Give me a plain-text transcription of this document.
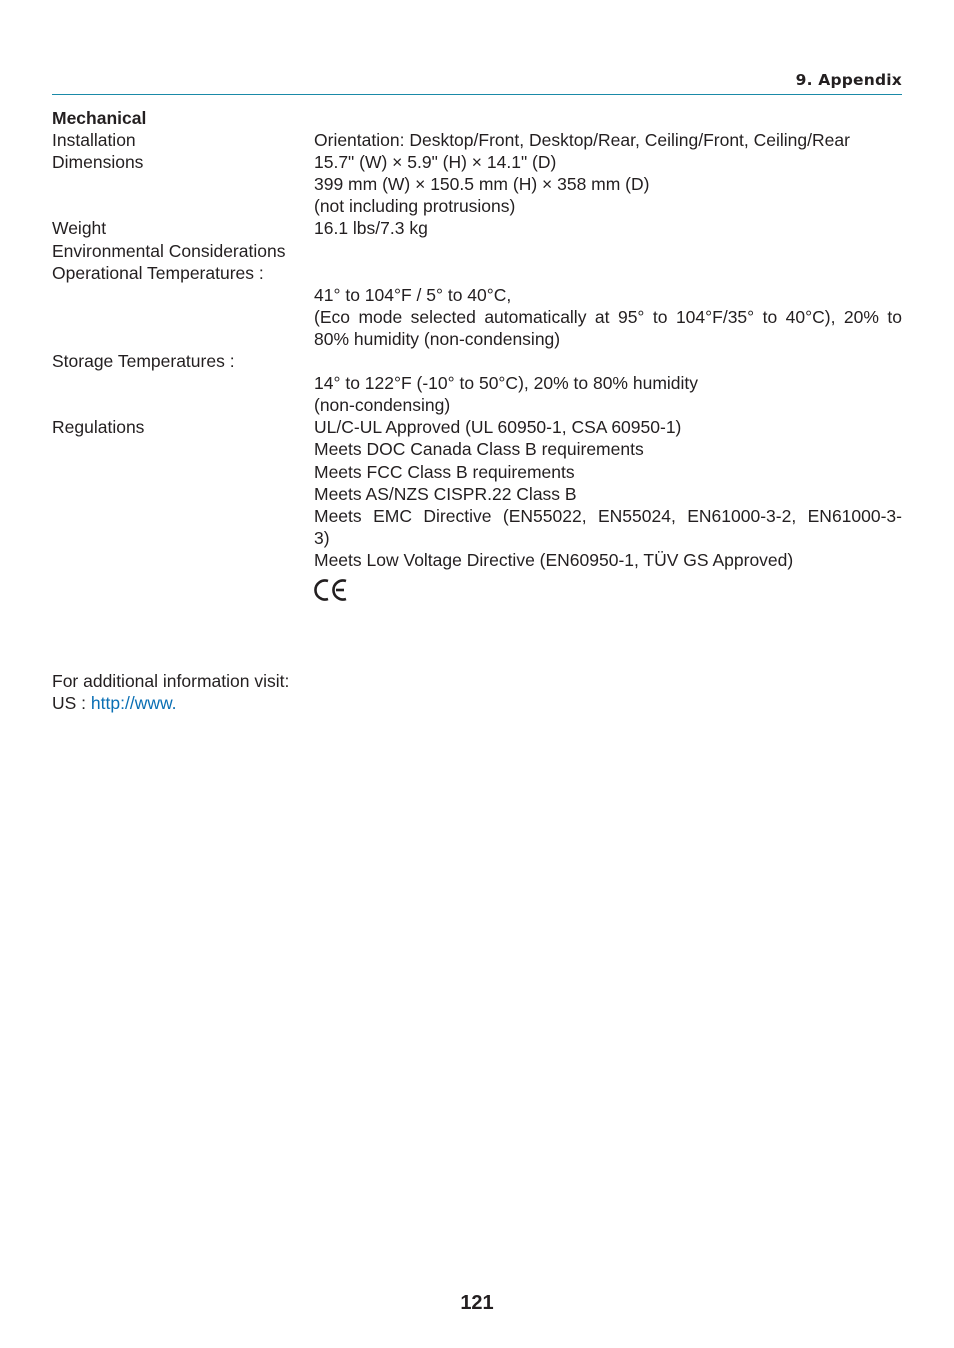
9. Appendix
Mechanical
Installation	Orientation: Desktop/Front, Desktop/Rear, Ceiling/Front, Ceiling/Rear
Dimensions	15.7" (W) × 5.9" (H) × 14.1" (D)
399 mm (W) × 150.5 mm (H) × 358 mm (D)
(not including protrusions)
Weight	16.1 lbs/7.3 kg
Environmental Considerations
Operational Temperatures :
41° to 104°F / 5° to 40°C,
(Eco mode selected automatically at 95° to 104°F/35° to 40°C), 20% to
80% humidity (non-condensing)
Storage Temperatures :
14° to 122°F (-10° to 50°C), 20% to 80% humidity
(non-condensing)
Regulations	UL/C-UL Approved (UL 60950-1, CSA 60950-1)
Meets DOC Canada Class B requirements
Meets FCC Class B requirements
Meets AS/NZS CISPR.22 Class B
Meets EMC Directive (EN55022, EN55024, EN61000-3-2, EN61000-3-
3)
Meets Low Voltage Directive (EN60950-1, TÜV GS Approved)
For additional information visit:
US : http://www.
121
